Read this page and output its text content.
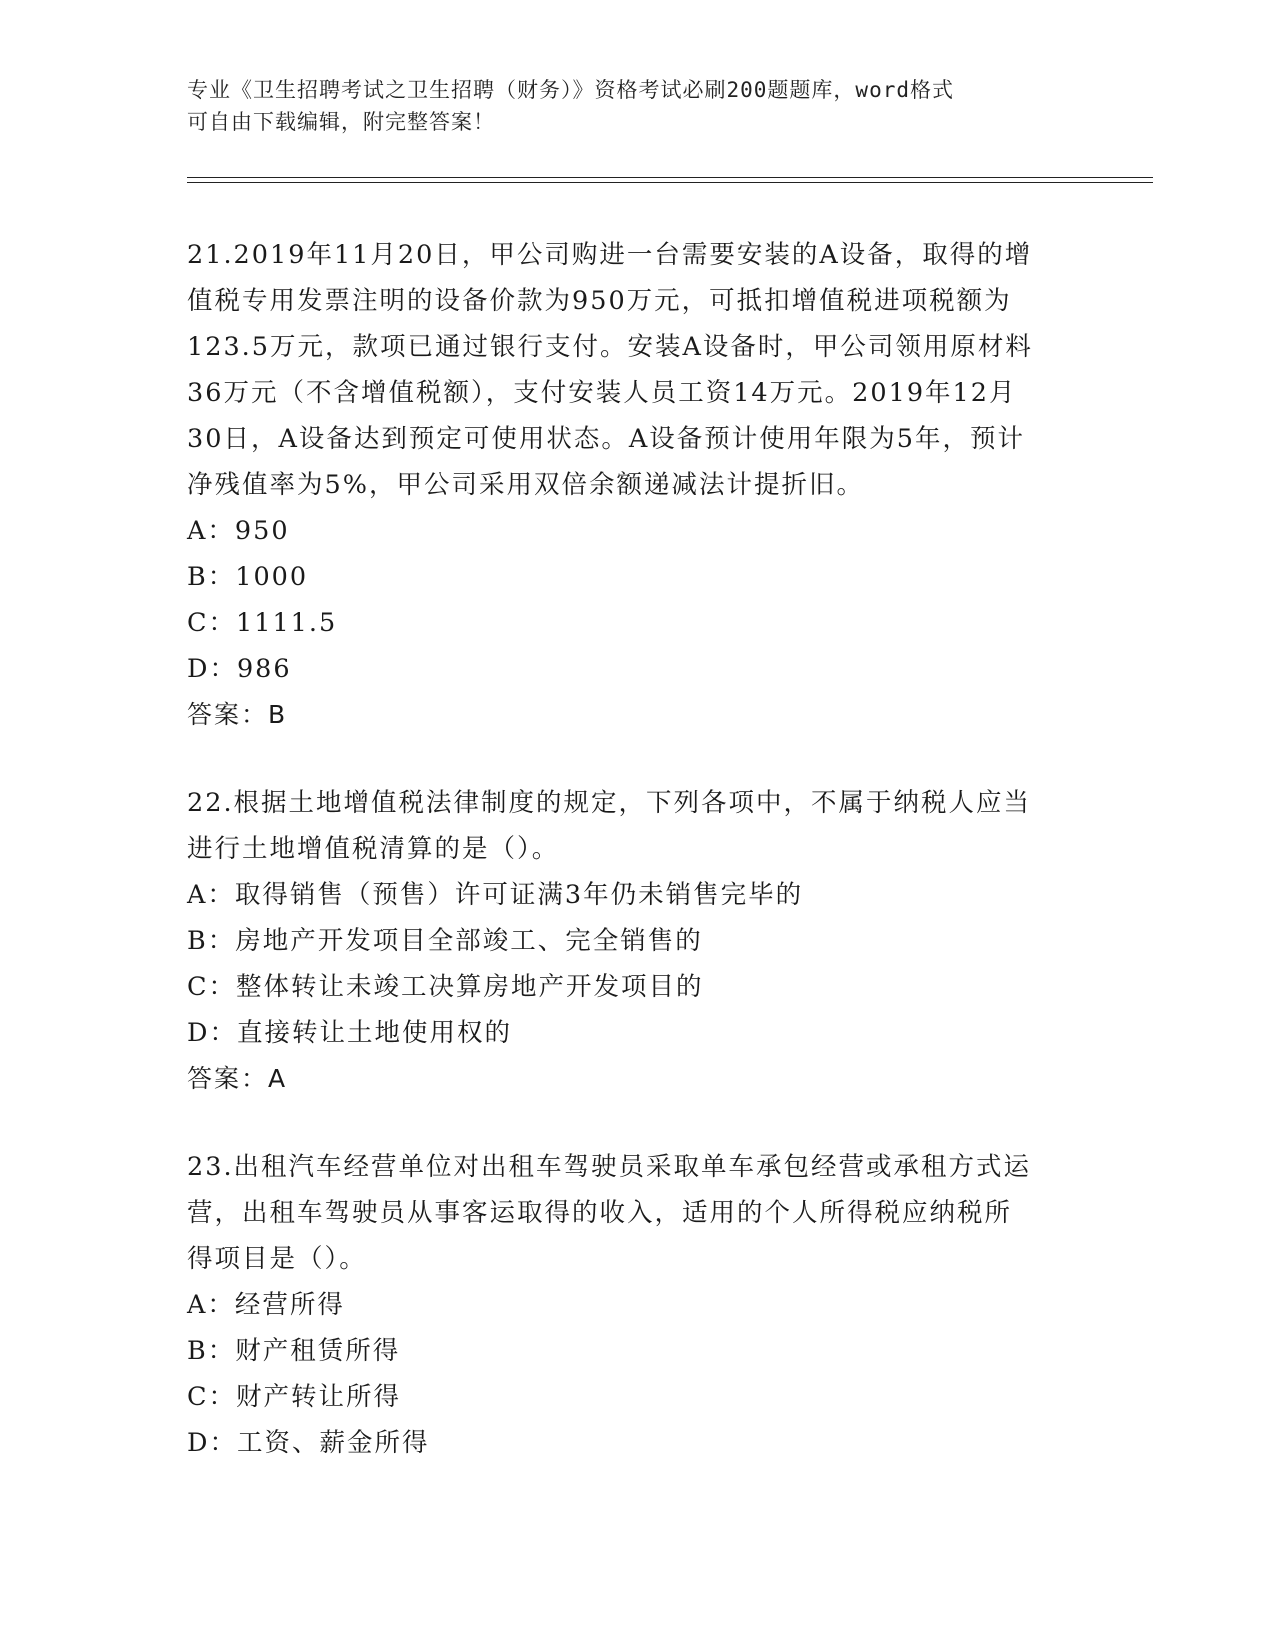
专业《卫生招聘考试之卫生招聘（财务）》资格考试必刷200题题库，word格式
可自由下载编辑，附完整答案！
21.2019年11月20日，甲公司购进一台需要安装的A设备，取得的增
值税专用发票注明的设备价款为950万元，可抵扣增值税进项税额为
123.5万元，款项已通过银行支付。安装A设备时，甲公司领用原材料
36万元（不含增值税额），支付安装人员工资14万元。2019年12月
30日，A设备达到预定可使用状态。A设备预计使用年限为5年，预计
净残值率为5%，甲公司采用双倍余额递减法计提折旧。
A：950
B：1000
C：1111.5
D：986
答案：B
22.根据土地增值税法律制度的规定，下列各项中，不属于纳税人应当
进行土地增值税清算的是（）。
A：取得销售（预售）许可证满3年仍未销售完毕的
B：房地产开发项目全部竣工、完全销售的
C：整体转让未竣工决算房地产开发项目的
D：直接转让土地使用权的
答案：A
23.出租汽车经营单位对出租车驾驶员采取单车承包经营或承租方式运
营，出租车驾驶员从事客运取得的收入，适用的个人所得税应纳税所
得项目是（）。
A：经营所得
B：财产租赁所得
C：财产转让所得
D：工资、薪金所得
